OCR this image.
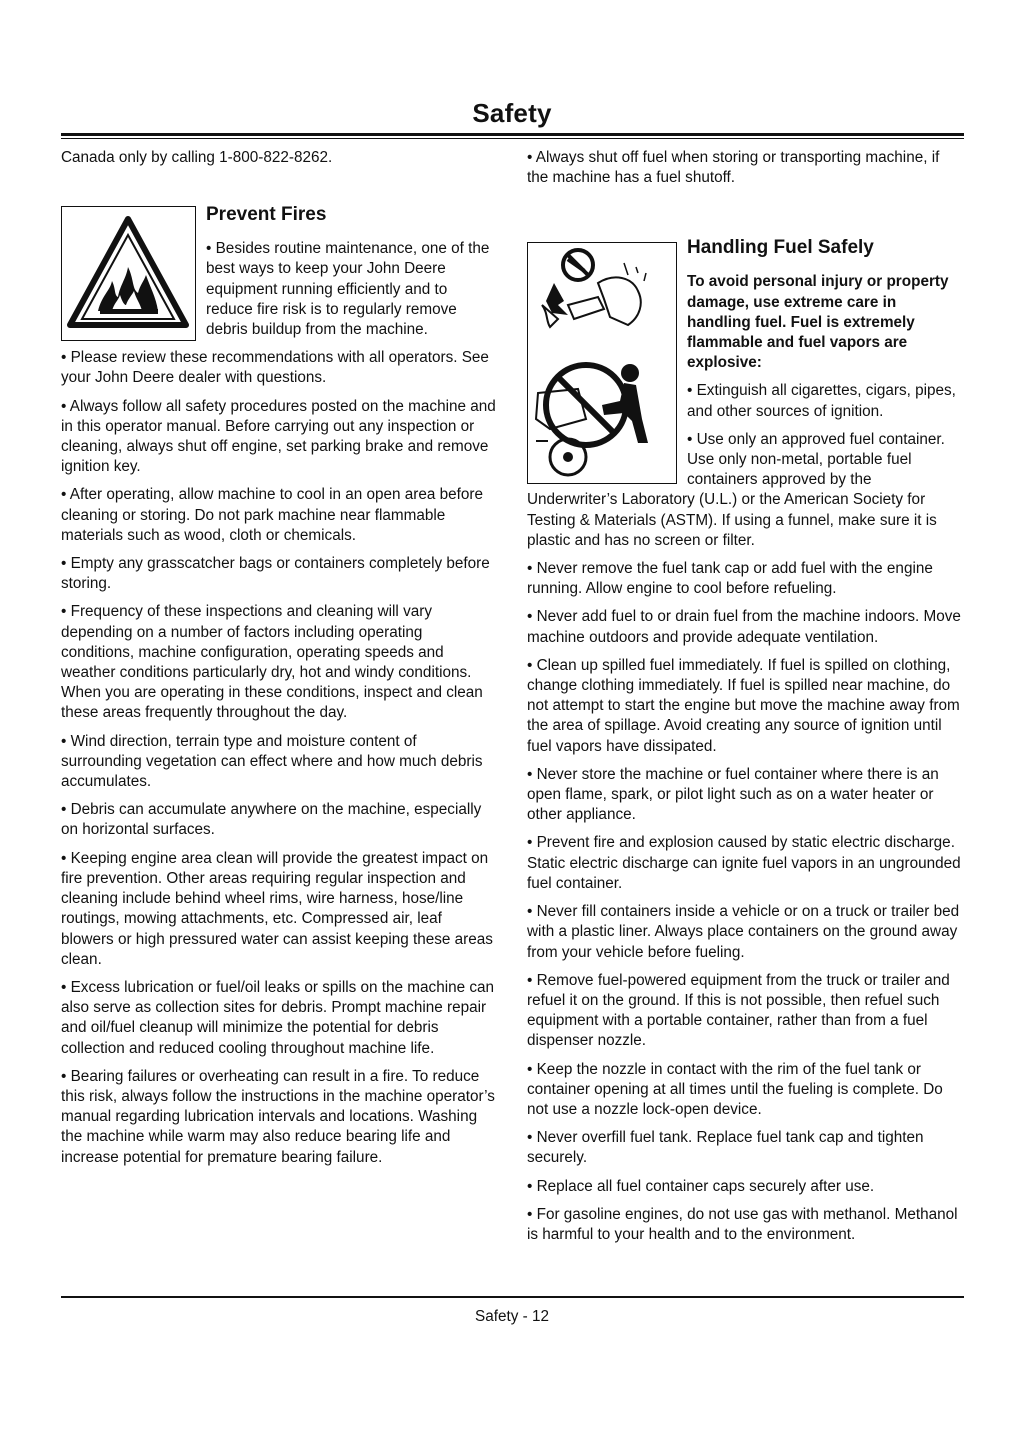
Safety

Canada only by calling 1-800-822-8262.

Prevent Fires

• Besides routine maintenance, one of the best ways to keep your John Deere equipment running efficiently and to reduce fire risk is to regularly remove debris buildup from the machine.

• Please review these recommendations with all operators. See your John Deere dealer with questions.

• Always follow all safety procedures posted on the machine and in this operator manual. Before carrying out any inspection or cleaning, always shut off engine, set parking brake and remove ignition key.

• After operating, allow machine to cool in an open area before cleaning or storing. Do not park machine near flammable materials such as wood, cloth or chemicals.

• Empty any grasscatcher bags or containers completely before storing.

• Frequency of these inspections and cleaning will vary depending on a number of factors including operating conditions, machine configuration, operating speeds and weather conditions particularly dry, hot and windy conditions. When you are operating in these conditions, inspect and clean these areas frequently throughout the day.

• Wind direction, terrain type and moisture content of surrounding vegetation can effect where and how much debris accumulates.

• Debris can accumulate anywhere on the machine, especially on horizontal surfaces.

• Keeping engine area clean will provide the greatest impact on fire prevention. Other areas requiring regular inspection and cleaning include behind wheel rims, wire harness, hose/line routings, mowing attachments, etc. Compressed air, leaf blowers or high pressured water can assist keeping these areas clean.

• Excess lubrication or fuel/oil leaks or spills on the machine can also serve as collection sites for debris. Prompt machine repair and oil/fuel cleanup will minimize the potential for debris collection and reduced cooling throughout machine life.

• Bearing failures or overheating can result in a fire. To reduce this risk, always follow the instructions in the machine operator’s manual regarding lubrication intervals and locations. Washing the machine while warm may also reduce bearing life and increase potential for premature bearing failure.

• Always shut off fuel when storing or transporting machine, if the machine has a fuel shutoff.

Handling Fuel Safely

To avoid personal injury or property damage, use extreme care in handling fuel. Fuel is extremely flammable and fuel vapors are explosive:

• Extinguish all cigarettes, cigars, pipes, and other sources of ignition.

• Use only an approved fuel container. Use only non-metal, portable fuel containers approved by the Underwriter’s Laboratory (U.L.) or the American Society for Testing & Materials (ASTM). If using a funnel, make sure it is plastic and has no screen or filter.

• Never remove the fuel tank cap or add fuel with the engine running. Allow engine to cool before refueling.

• Never add fuel to or drain fuel from the machine indoors. Move machine outdoors and provide adequate ventilation.

• Clean up spilled fuel immediately. If fuel is spilled on clothing, change clothing immediately. If fuel is spilled near machine, do not attempt to start the engine but move the machine away from the area of spillage. Avoid creating any source of ignition until fuel vapors have dissipated.

• Never store the machine or fuel container where there is an open flame, spark, or pilot light such as on a water heater or other appliance.

• Prevent fire and explosion caused by static electric discharge. Static electric discharge can ignite fuel vapors in an ungrounded fuel container.

• Never fill containers inside a vehicle or on a truck or trailer bed with a plastic liner. Always place containers on the ground away from your vehicle before fueling.

• Remove fuel-powered equipment from the truck or trailer and refuel it on the ground. If this is not possible, then refuel such equipment with a portable container, rather than from a fuel dispenser nozzle.

• Keep the nozzle in contact with the rim of the fuel tank or container opening at all times until the fueling is complete. Do not use a nozzle lock-open device.

• Never overfill fuel tank. Replace fuel tank cap and tighten securely.

• Replace all fuel container caps securely after use.

• For gasoline engines, do not use gas with methanol. Methanol is harmful to your health and to the environment.

Safety - 12
